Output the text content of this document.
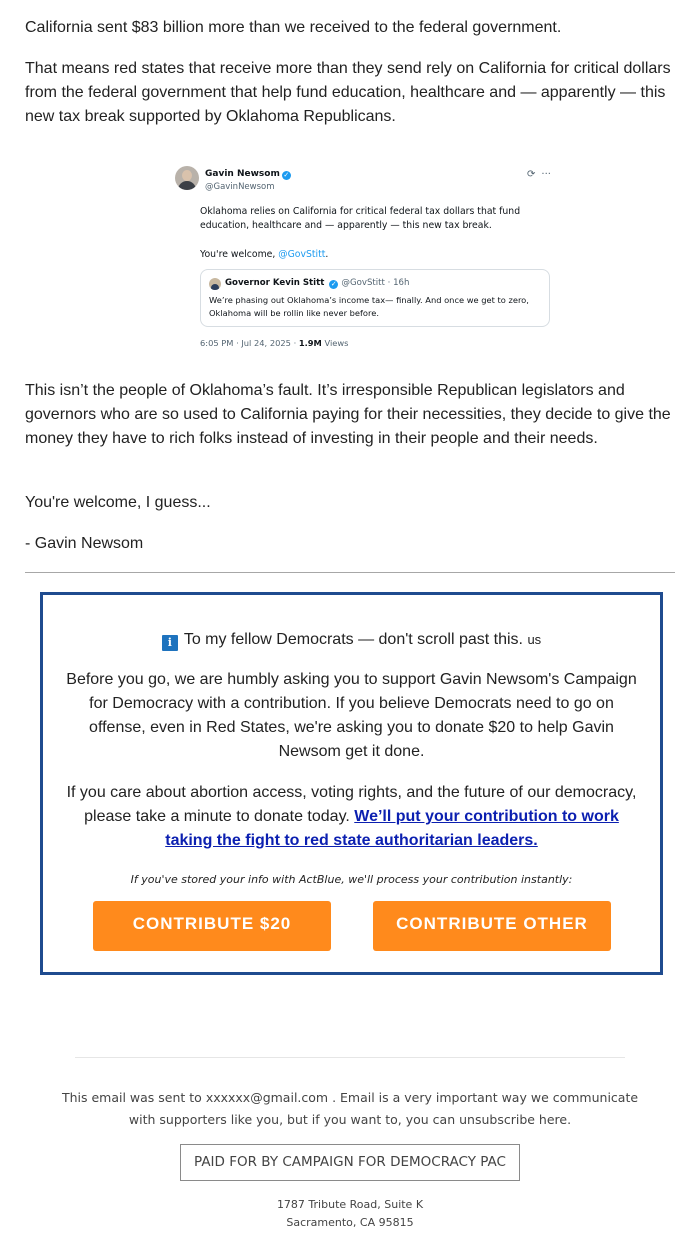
California sent $83 billion more than we received to the federal government.

That means red states that receive more than they send rely on California for critical dollars from the federal government that help fund education, healthcare and — apparently — this new tax break supported by Oklahoma Republicans.

Gavin Newsom ✓
@GavinNewsom
⟳ ···
Oklahoma relies on California for critical federal tax dollars that fund education, healthcare and — apparently — this new tax break.
You're welcome, @GovStitt.
Governor Kevin Stitt ✓ @GovStitt · 16h
We’re phasing out Oklahoma’s income tax— finally. And once we get to zero, Oklahoma will be rollin like never before.
6:05 PM · Jul 24, 2025 · 1.9M Views

This isn’t the people of Oklahoma’s fault. It’s irresponsible Republican legislators and governors who are so used to California paying for their necessities, they decide to give the money they have to rich folks instead of investing in their people and their needs.

You're welcome, I guess...

- Gavin Newsom

i To my fellow Democrats — don't scroll past this. us
Before you go, we are humbly asking you to support Gavin Newsom's Campaign for Democracy with a contribution. If you believe Democrats need to go on offense, even in Red States, we're asking you to donate $20 to help Gavin Newsom get it done.
If you care about abortion access, voting rights, and the future of our democracy, please take a minute to donate today. We’ll put your contribution to work taking the fight to red state authoritarian leaders.
If you've stored your info with ActBlue, we'll process your contribution instantly:
CONTRIBUTE $20	CONTRIBUTE OTHER
This email was sent to xxxxxx@gmail.com . Email is a very important way we communicate with supporters like you, but if you want to, you can unsubscribe here.
PAID FOR BY CAMPAIGN FOR DEMOCRACY PAC
1787 Tribute Road, Suite K
Sacramento, CA 95815
